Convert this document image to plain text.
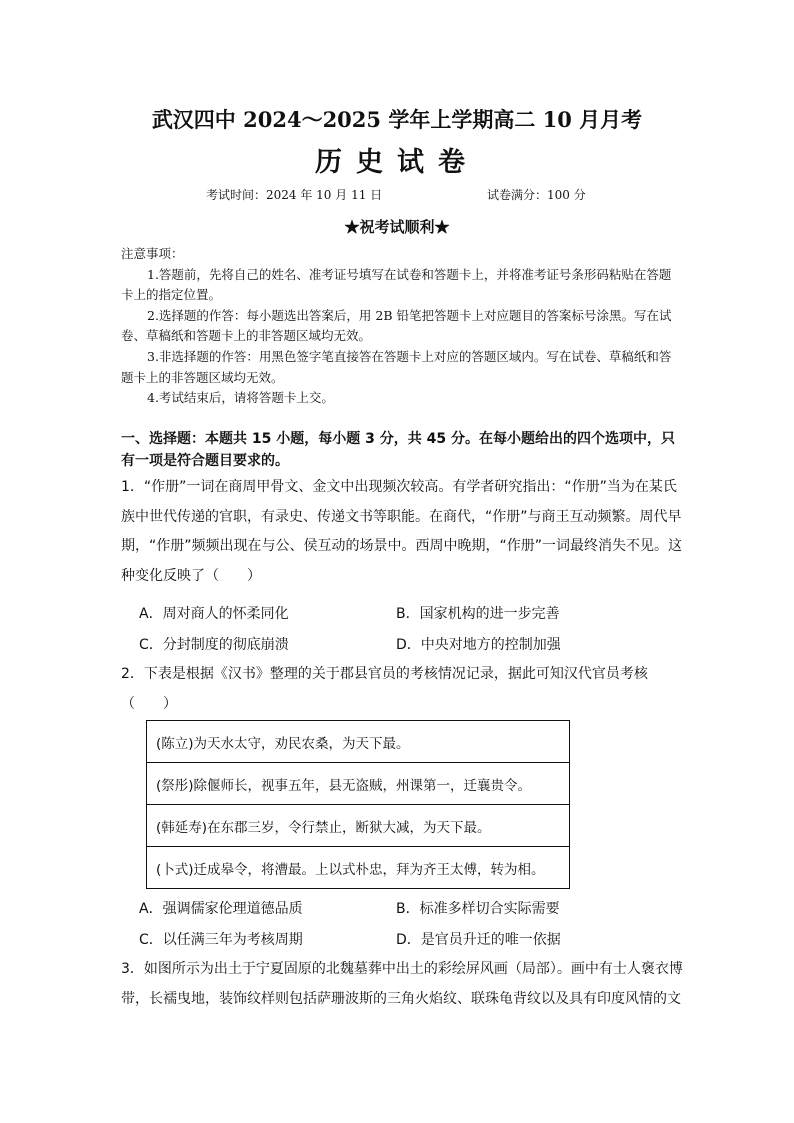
武汉四中 2024～2025 学年上学期高二 10 月月考
历史试卷
考试时间：2024 年 10 月 11 日	试卷满分：100 分
★祝考试顺利★

注意事项：

1.答题前，先将自己的姓名、准考证号填写在试卷和答题卡上，并将准考证号条形码粘贴在答题卡上的指定位置。

2.选择题的作答：每小题选出答案后，用 2B 铅笔把答题卡上对应题目的答案标号涂黑。写在试卷、草稿纸和答题卡上的非答题区域均无效。

3.非选择题的作答：用黑色签字笔直接答在答题卡上对应的答题区域内。写在试卷、草稿纸和答题卡上的非答题区域均无效。

4.考试结束后，请将答题卡上交。

一、选择题：本题共 15 小题，每小题 3 分，共 45 分。在每小题给出的四个选项中，只有一项是符合题目要求的。
1．“作册”一词在商周甲骨文、金文中出现频次较高。有学者研究指出：“作册”当为在某氏族中世代传递的官职，有录史、传递文书等职能。在商代，“作册”与商王互动频繁。周代早期，“作册”频频出现在与公、侯互动的场景中。西周中晚期，“作册”一词最终消失不见。这种变化反映了（　　）
A．周对商人的怀柔同化	B．国家机构的进一步完善
C．分封制度的彻底崩溃	D．中央对地方的控制加强
2．下表是根据《汉书》整理的关于郡县官员的考核情况记录，据此可知汉代官员考核
（　　）
(陈立)为天水太守，劝民农桑，为天下最。
(祭彤)除偃师长，视事五年，县无盗贼，州课第一，迁襄贵令。
(韩延寿)在东郡三岁，令行禁止，断狱大减，为天下最。
(卜式)迁成皋令，将漕最。上以式朴忠，拜为齐王太傅，转为相。
A．强调儒家伦理道德品质	B．标准多样切合实际需要
C．以任满三年为考核周期	D．是官员升迁的唯一依据
3．如图所示为出土于宁夏固原的北魏墓葬中出土的彩绘屏风画（局部）。画中有士人褒衣博带，长襦曳地，装饰纹样则包括萨珊波斯的三角火焰纹、联珠龟背纹以及具有印度风情的文
